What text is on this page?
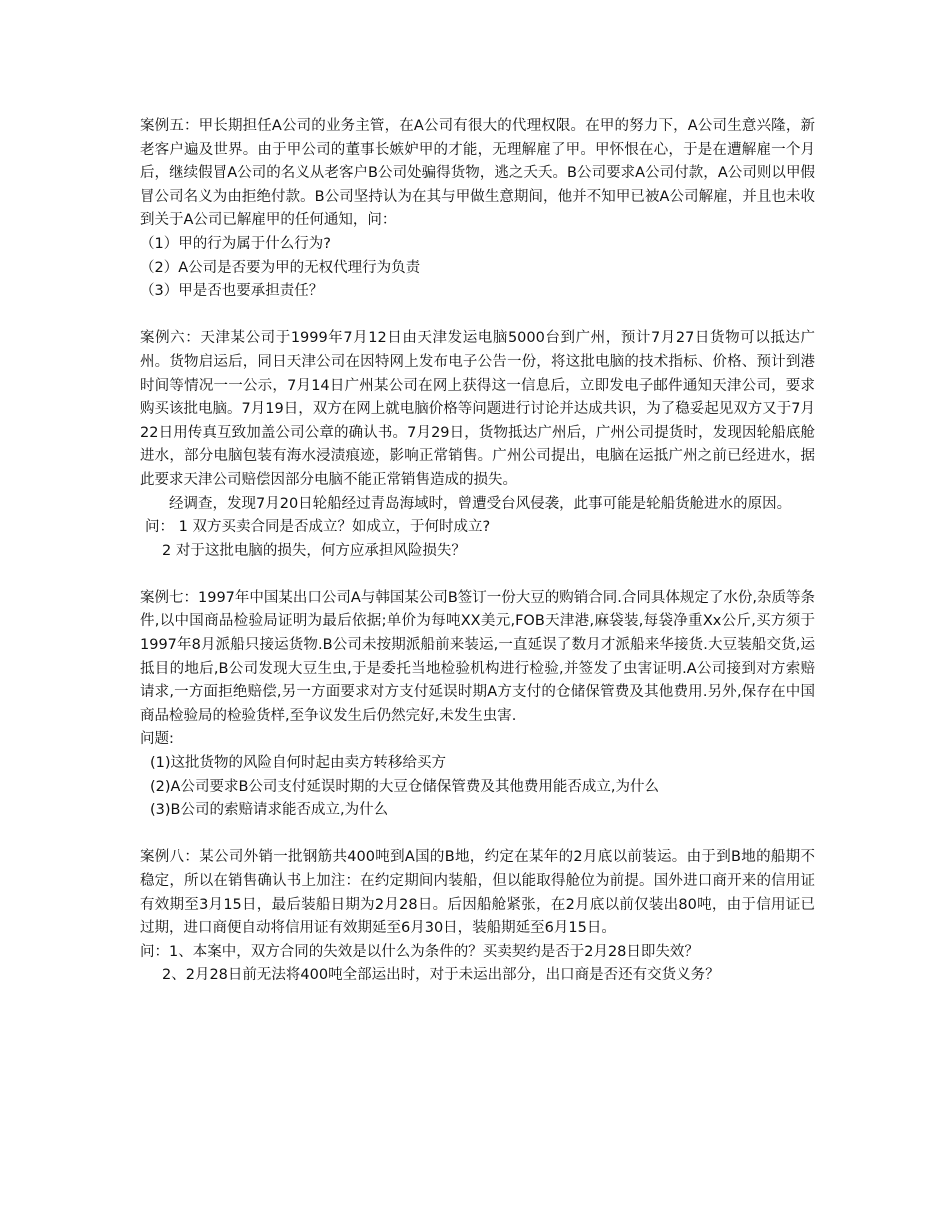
案例五：甲长期担任A公司的业务主管，在A公司有很大的代理权限。在甲的努力下，A公司生意兴隆，新老客户遍及世界。由于甲公司的董事长嫉妒甲的才能，无理解雇了甲。甲怀恨在心，于是在遭解雇一个月后，继续假冒A公司的名义从老客户B公司处骗得货物，逃之夭夭。B公司要求A公司付款，A公司则以甲假冒公司名义为由拒绝付款。B公司坚持认为在其与甲做生意期间，他并不知甲已被A公司解雇，并且也未收到关于A公司已解雇甲的任何通知，问：

（1）甲的行为属于什么行为?

（2）A公司是否要为甲的无权代理行为负责

（3）甲是否也要承担责任？

案例六：天津某公司于1999年7月12日由天津发运电脑5000台到广州，预计7月27日货物可以抵达广州。货物启运后，同日天津公司在因特网上发布电子公告一份，将这批电脑的技术指标、价格、预计到港时间等情况一一公示，7月14日广州某公司在网上获得这一信息后，立即发电子邮件通知天津公司，要求购买该批电脑。7月19日，双方在网上就电脑价格等问题进行讨论并达成共识，为了稳妥起见双方又于7月22日用传真互致加盖公司公章的确认书。7月29日，货物抵达广州后，广州公司提货时，发现因轮船底舱进水，部分电脑包装有海水浸渍痕迹，影响正常销售。广州公司提出，电脑在运抵广州之前已经进水，据此要求天津公司赔偿因部分电脑不能正常销售造成的损失。

经调查，发现7月20日轮船经过青岛海域时，曾遭受台风侵袭，此事可能是轮船货舱进水的原因。

问： 1 双方买卖合同是否成立？如成立，于何时成立?

2 对于这批电脑的损失，何方应承担风险损失？

案例七：1997年中国某出口公司A与韩国某公司B签订一份大豆的购销合同.合同具体规定了水份,杂质等条件,以中国商品检验局证明为最后依据;单价为每吨XX美元,FOB天津港,麻袋装,每袋净重Xx公斤,买方须于1997年8月派船只接运货物.B公司未按期派船前来装运,一直延误了数月才派船来华接货.大豆装船交货,运抵目的地后,B公司发现大豆生虫,于是委托当地检验机构进行检验,并签发了虫害证明.A公司接到对方索赔请求,一方面拒绝赔偿,另一方面要求对方支付延误时期A方支付的仓储保管费及其他费用.另外,保存在中国商品检验局的检验货样,至争议发生后仍然完好,未发生虫害.

问题:

(1)这批货物的风险自何时起由卖方转移给买方

(2)A公司要求B公司支付延误时期的大豆仓储保管费及其他费用能否成立,为什么

(3)B公司的索赔请求能否成立,为什么

案例八：某公司外销一批钢筋共400吨到A国的B地，约定在某年的2月底以前装运。由于到B地的船期不稳定，所以在销售确认书上加注：在约定期间内装船，但以能取得舱位为前提。国外进口商开来的信用证有效期至3月15日，最后装船日期为2月28日。后因船舱紧张，在2月底以前仅装出80吨，由于信用证已过期，进口商便自动将信用证有效期延至6月30日，装船期延至6月15日。

问：1、本案中，双方合同的失效是以什么为条件的？买卖契约是否于2月28日即失效？

2、2月28日前无法将400吨全部运出时，对于未运出部分，出口商是否还有交货义务？
